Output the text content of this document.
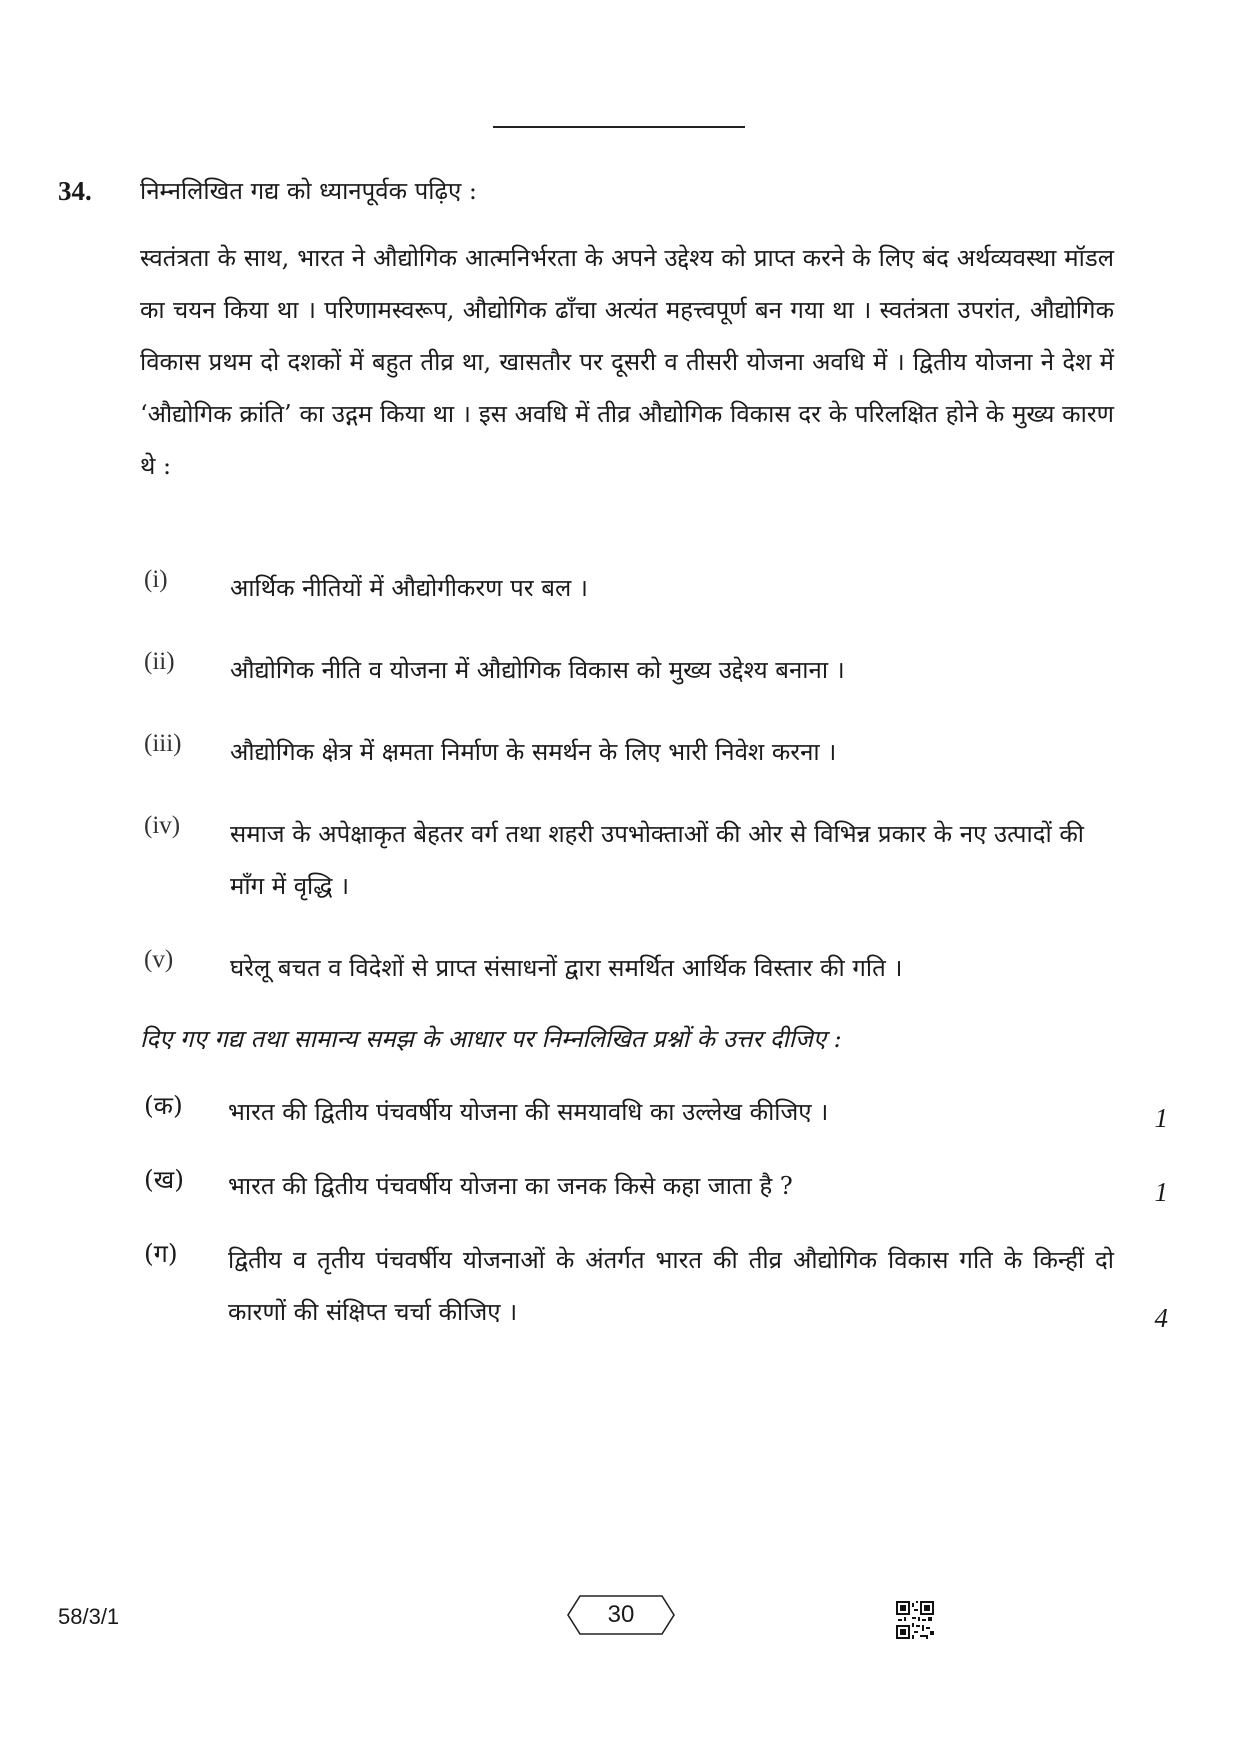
34. निम्नलिखित गद्य को ध्यानपूर्वक पढ़िए :

स्वतंत्रता के साथ, भारत ने औद्योगिक आत्मनिर्भरता के अपने उद्देश्य को प्राप्त करने के लिए बंद अर्थव्यवस्था मॉडल का चयन किया था । परिणामस्वरूप, औद्योगिक ढाँचा अत्यंत महत्त्वपूर्ण बन गया था । स्वतंत्रता उपरांत, औद्योगिक विकास प्रथम दो दशकों में बहुत तीव्र था, खासतौर पर दूसरी व तीसरी योजना अवधि में । द्वितीय योजना ने देश में ‘औद्योगिक क्रांति’ का उद्गम किया था । इस अवधि में तीव्र औद्योगिक विकास दर के परिलक्षित होने के मुख्य कारण थे :

(i)	आर्थिक नीतियों में औद्योगीकरण पर बल ।
(ii) औद्योगिक नीति व योजना में औद्योगिक विकास को मुख्य उद्देश्य बनाना ।
(iii) औद्योगिक क्षेत्र में क्षमता निर्माण के समर्थन के लिए भारी निवेश करना ।
(iv) समाज के अपेक्षाकृत बेहतर वर्ग तथा शहरी उपभोक्ताओं की ओर से विभिन्न प्रकार के नए उत्पादों की माँग में वृद्धि ।
(v) घरेलू बचत व विदेशों से प्राप्त संसाधनों द्वारा समर्थित आर्थिक विस्तार की गति ।
दिए गए गद्य तथा सामान्य समझ के आधार पर निम्नलिखित प्रश्नों के उत्तर दीजिए :
(क) भारत की द्वितीय पंचवर्षीय योजना की समयावधि का उल्लेख कीजिए ।	1
(ख) भारत की द्वितीय पंचवर्षीय योजना का जनक किसे कहा जाता है ?	1
(ग) द्वितीय व तृतीय पंचवर्षीय योजनाओं के अंतर्गत भारत की तीव्र औद्योगिक विकास गति के किन्हीं दो कारणों की संक्षिप्त चर्चा कीजिए ।	4
58/3/1	30
